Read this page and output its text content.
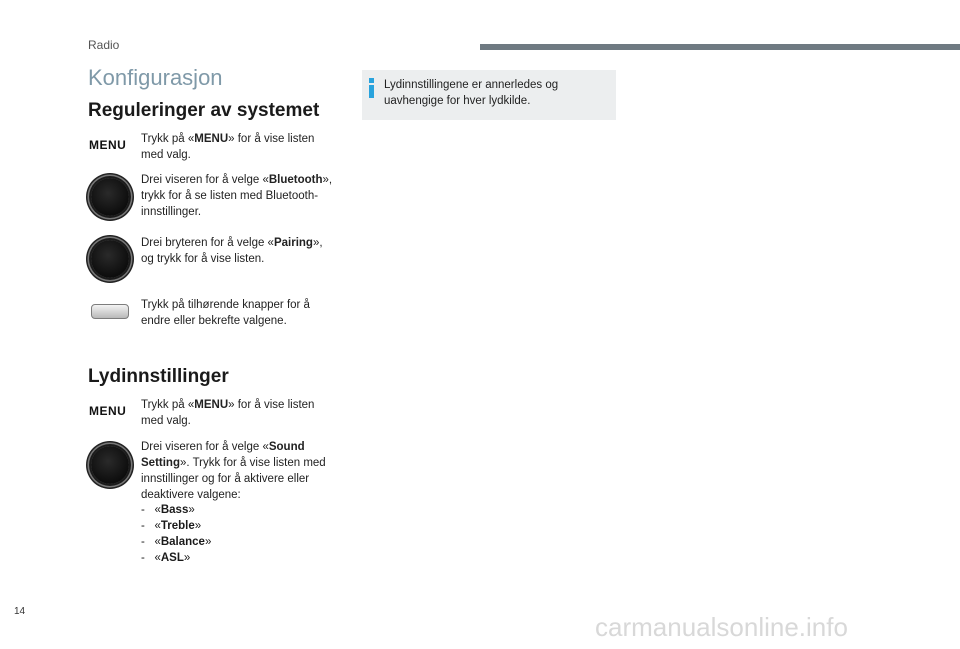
Radio
Konfigurasjon
Reguleringer av systemet
MENU Trykk på «MENU» for å vise listen med valg.
Drei viseren for å velge «Bluetooth», trykk for å se listen med Bluetooth-innstillinger.
Drei bryteren for å velge «Pairing», og trykk for å vise listen.
Trykk på tilhørende knapper for å endre eller bekrefte valgene.
Lydinnstillinger
MENU Trykk på «MENU» for å vise listen med valg.
Drei viseren for å velge «Sound Setting». Trykk for å vise listen med innstillinger og for å aktivere eller deaktivere valgene:
- «Bass»
- «Treble»
- «Balance»
- «ASL»
Lydinnstillingene er annerledes og uavhengige for hver lydkilde.
14
carmanualsonline.info
